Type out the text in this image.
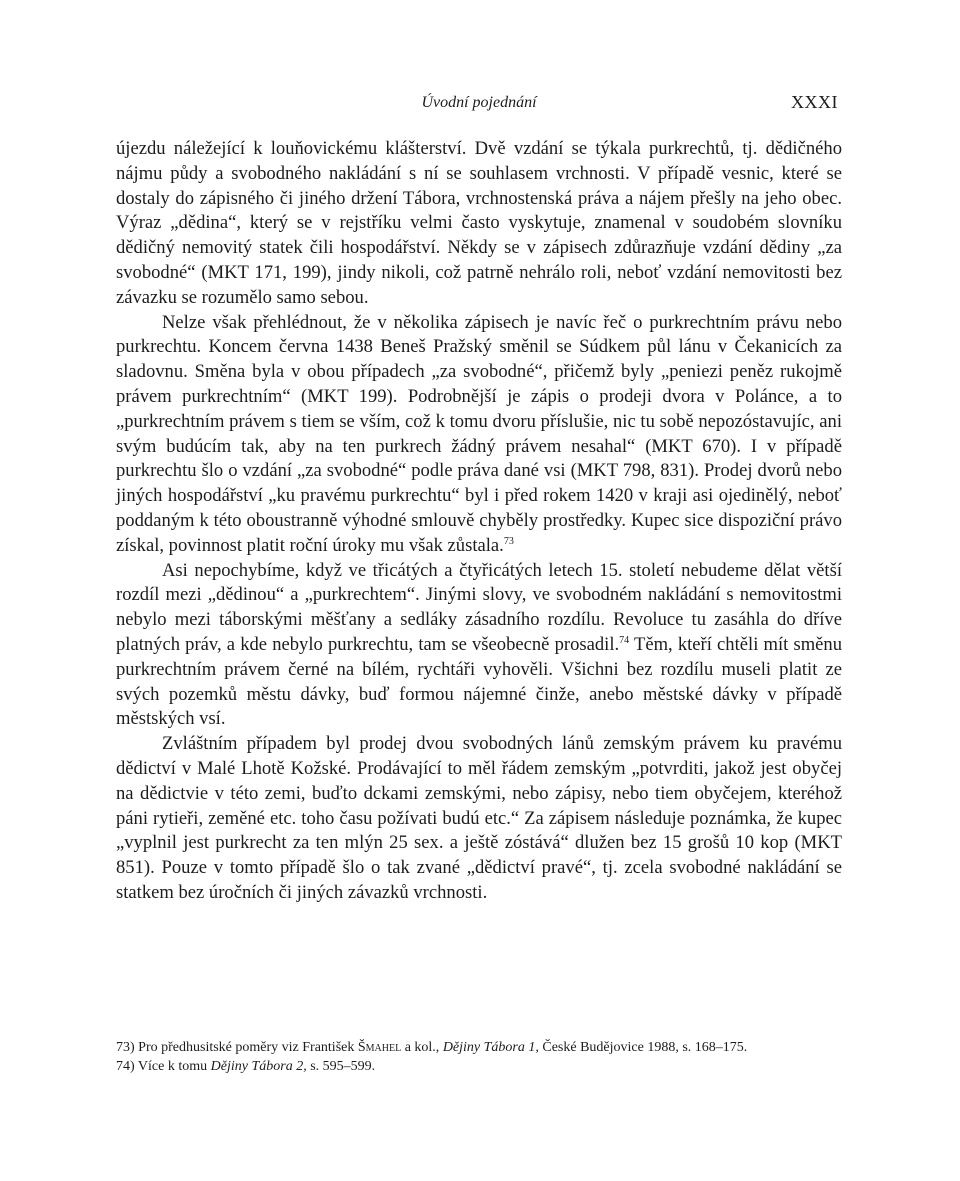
Úvodní pojednání	XXXI

újezdu náležející k louňovickému klášterství. Dvě vzdání se týkala purkrechtů, tj. dědičného nájmu půdy a svobodného nakládání s ní se souhlasem vrchnosti. V případě vesnic, které se dostaly do zápisného či jiného držení Tábora, vrchnostenská práva a nájem přešly na jeho obec. Výraz „dědina“, který se v rejstříku velmi často vyskytuje, znamenal v soudobém slovníku dědičný nemovitý statek čili hospodářství. Někdy se v zápisech zdůrazňuje vzdání dědiny „za svobodné“ (MKT 171, 199), jindy nikoli, což patrně nehrálo roli, neboť vzdání nemovitosti bez závazku se rozumělo samo sebou.

Nelze však přehlédnout, že v několika zápisech je navíc řeč o purkrechtním právu nebo purkrechtu. Koncem června 1438 Beneš Pražský směnil se Súdkem půl lánu v Čekanicích za sladovnu. Směna byla v obou případech „za svobodné“, přičemž byly „peniezi peněz rukojmě právem purkrechtním“ (MKT 199). Podrobnější je zápis o prodeji dvora v Polánce, a to „purkrechtním právem s tiem se vším, což k tomu dvoru příslušie, nic tu sobě nepozóstavujíc, ani svým budúcím tak, aby na ten purkrech žádný právem nesahal“ (MKT 670). I v případě purkrechtu šlo o vzdání „za svobodné“ podle práva dané vsi (MKT 798, 831). Prodej dvorů nebo jiných hospodářství „ku pravému purkrechtu“ byl i před rokem 1420 v kraji asi ojedinělý, neboť poddaným k této oboustranně výhodné smlouvě chyběly prostředky. Kupec sice dispoziční právo získal, povinnost platit roční úroky mu však zůstala.$^{73}$

Asi nepochybíme, když ve třicátých a čtyřicátých letech 15. století nebudeme dělat větší rozdíl mezi „dědinou“ a „purkrechtem“. Jinými slovy, ve svobodném nakládání s nemovitostmi nebylo mezi táborskými měšťany a sedláky zásadního rozdílu. Revoluce tu zasáhla do dříve platných práv, a kde nebylo purkrechtu, tam se všeobecně prosadil.$^{74}$ Těm, kteří chtěli mít směnu purkrechtním právem černé na bílém, rychtáři vyhověli. Všichni bez rozdílu museli platit ze svých pozemků městu dávky, buď formou nájemné činže, anebo městské dávky v případě městských vsí.

Zvláštním případem byl prodej dvou svobodných lánů zemským právem ku pravému dědictví v Malé Lhotě Kožské. Prodávající to měl řádem zemským „potvrditi, jakož jest obyčej na dědictvie v této zemi, buďto dckami zemskými, nebo zápisy, nebo tiem obyčejem, kteréhož páni rytieři, zeměné etc. toho času požívati budú etc.“ Za zápisem následuje poznámka, že kupec „vyplnil jest purkrecht za ten mlýn 25 sex. a ještě zóstává“ dlužen bez 15 grošů 10 kop (MKT 851). Pouze v tomto případě šlo o tak zvané „dědictví pravé“, tj. zcela svobodné nakládání se statkem bez úročních či jiných závazků vrchnosti.

73) Pro předhusitské poměry viz František Šmahel a kol., Dějiny Tábora 1, České Budějovice 1988, s. 168–175.

74) Více k tomu Dějiny Tábora 2, s. 595–599.
